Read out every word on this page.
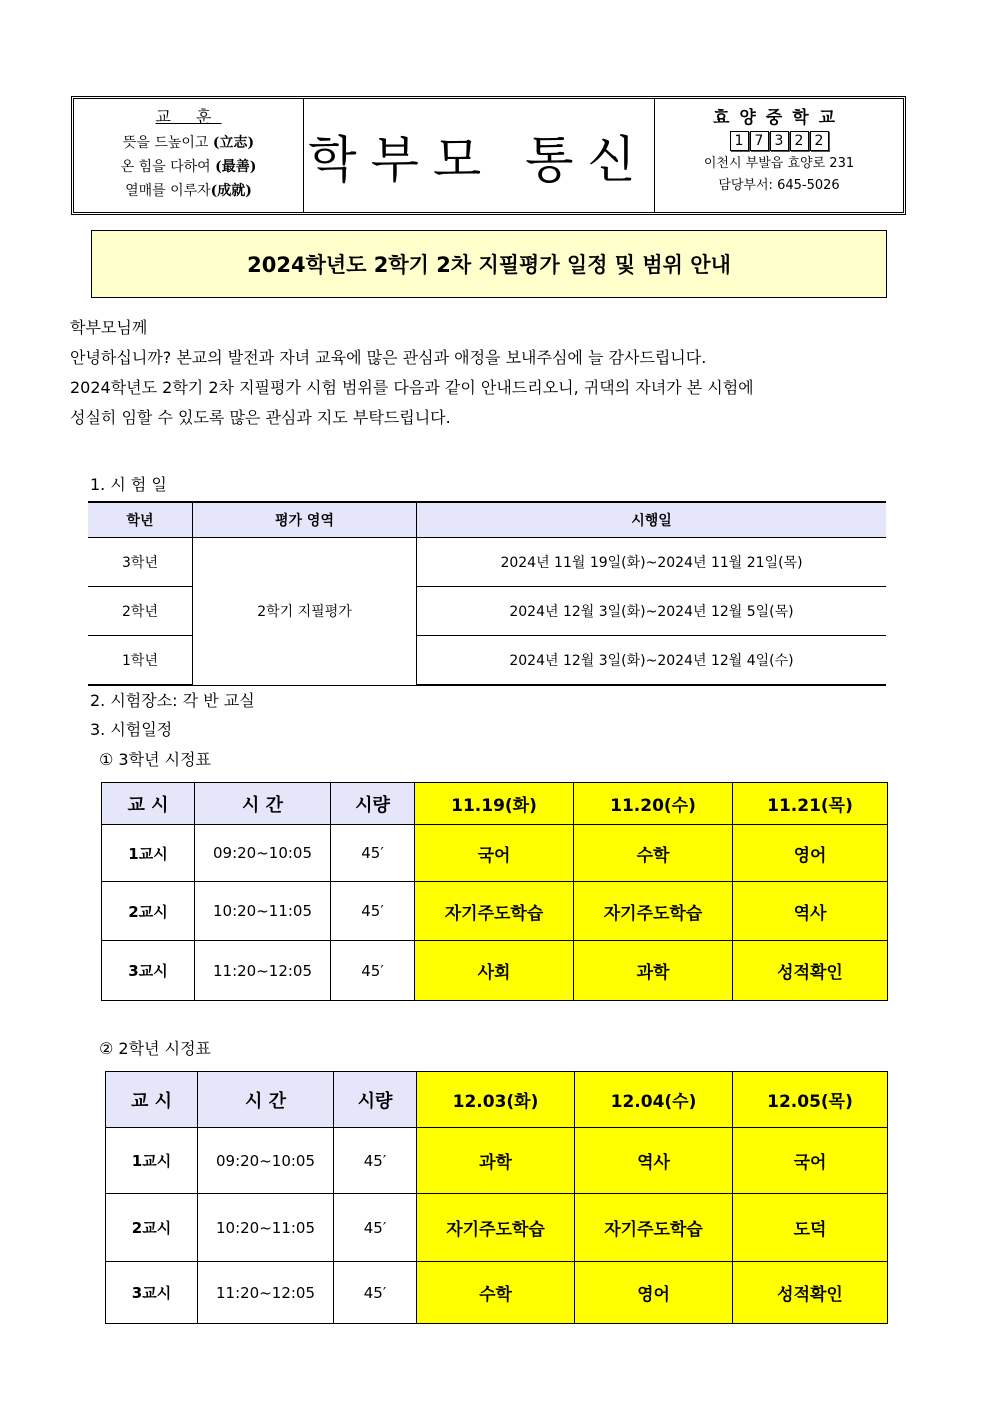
교 훈
뜻을 드높이고 (立志)
온 힘을 다하여 (最善)
열매를 이루자(成就)
학부모 통신
효양중학교
1 7 3 2 2
이천시 부발읍 효양로 231
담당부서: 645-5026
2024학년도 2학기 2차 지필평가 일정 및 범위 안내
학부모님께
안녕하십니까? 본교의 발전과 자녀 교육에 많은 관심과 애정을 보내주심에 늘 감사드립니다.
2024학년도 2학기 2차 지필평가 시험 범위를 다음과 같이 안내드리오니, 귀댁의 자녀가 본 시험에
성실히 임할 수 있도록 많은 관심과 지도 부탁드립니다.
1. 시 험 일
학년	평가 영역	시행일
3학년	2학기 지필평가	2024년 11월 19일(화)~2024년 11월 21일(목)
2학년		2024년 12월 3일(화)~2024년 12월 5일(목)
1학년		2024년 12월 3일(화)~2024년 12월 4일(수)
2. 시험장소: 각 반 교실
3. 시험일정
① 3학년 시정표
교 시	시 간	시량	11.19(화)	11.20(수)	11.21(목)
1교시	09:20~10:05	45′	국어	수학	영어
2교시	10:20~11:05	45′	자기주도학습	자기주도학습	역사
3교시	11:20~12:05	45′	사회	과학	성적확인
② 2학년 시정표
교 시	시 간	시량	12.03(화)	12.04(수)	12.05(목)
1교시	09:20~10:05	45′	과학	역사	국어
2교시	10:20~11:05	45′	자기주도학습	자기주도학습	도덕
3교시	11:20~12:05	45′	수학	영어	성적확인
